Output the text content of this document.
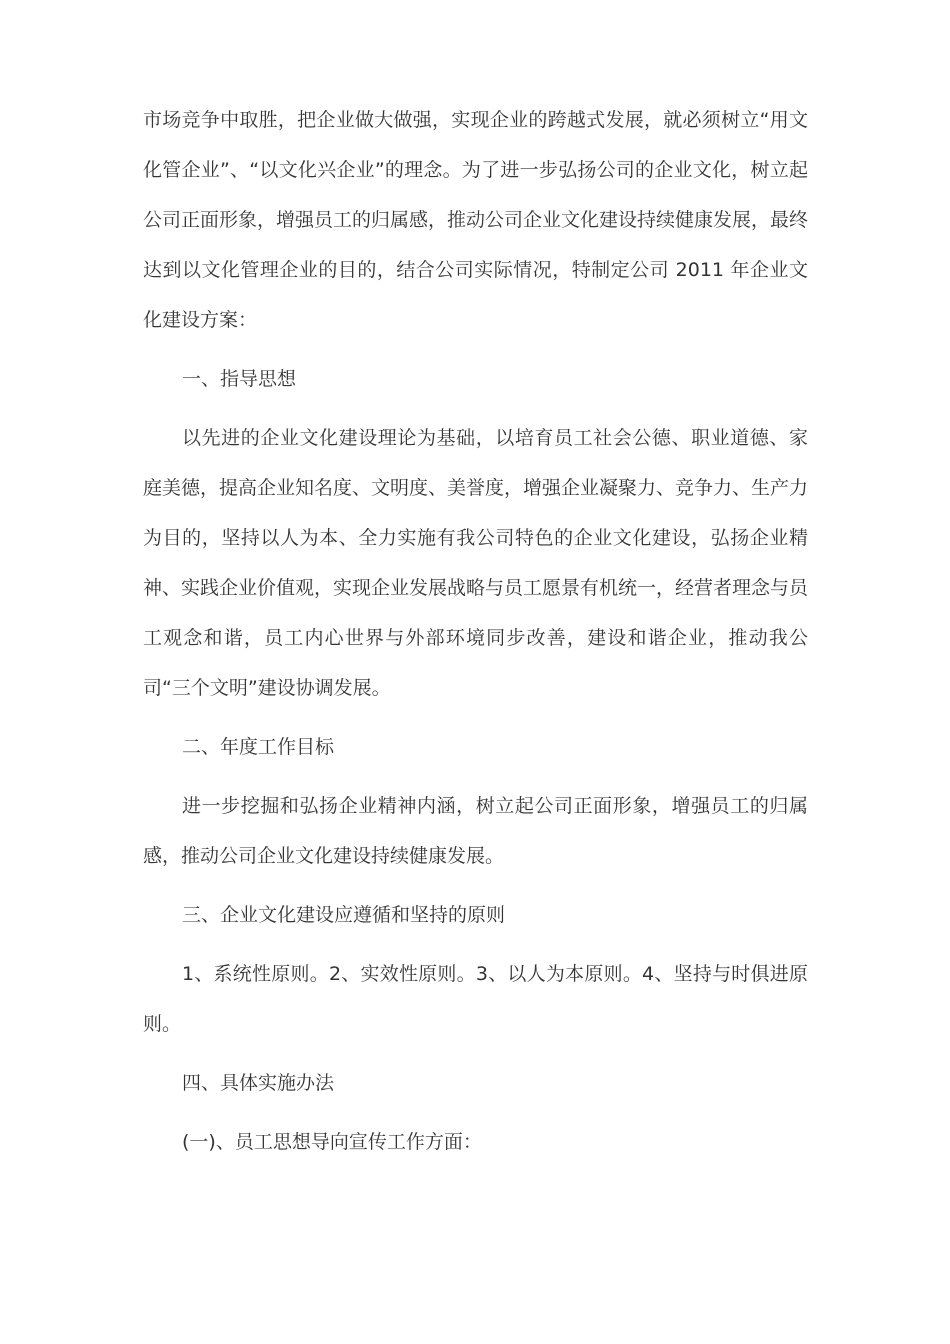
市场竞争中取胜，把企业做大做强，实现企业的跨越式发展，就必须树立“用文化管企业”、“以文化兴企业”的理念。为了进一步弘扬公司的企业文化，树立起公司正面形象，增强员工的归属感，推动公司企业文化建设持续健康发展，最终达到以文化管理企业的目的，结合公司实际情况，特制定公司 2011 年企业文化建设方案：
一、指导思想
以先进的企业文化建设理论为基础，以培育员工社会公德、职业道德、家庭美德，提高企业知名度、文明度、美誉度，增强企业凝聚力、竞争力、生产力为目的，坚持以人为本、全力实施有我公司特色的企业文化建设，弘扬企业精神、实践企业价值观，实现企业发展战略与员工愿景有机统一，经营者理念与员工观念和谐，员工内心世界与外部环境同步改善，建设和谐企业，推动我公司“三个文明”建设协调发展。
二、年度工作目标
进一步挖掘和弘扬企业精神内涵，树立起公司正面形象，增强员工的归属感，推动公司企业文化建设持续健康发展。
三、企业文化建设应遵循和坚持的原则
1、系统性原则。2、实效性原则。3、以人为本原则。4、坚持与时俱进原则。
四、具体实施办法
(一)、员工思想导向宣传工作方面：
